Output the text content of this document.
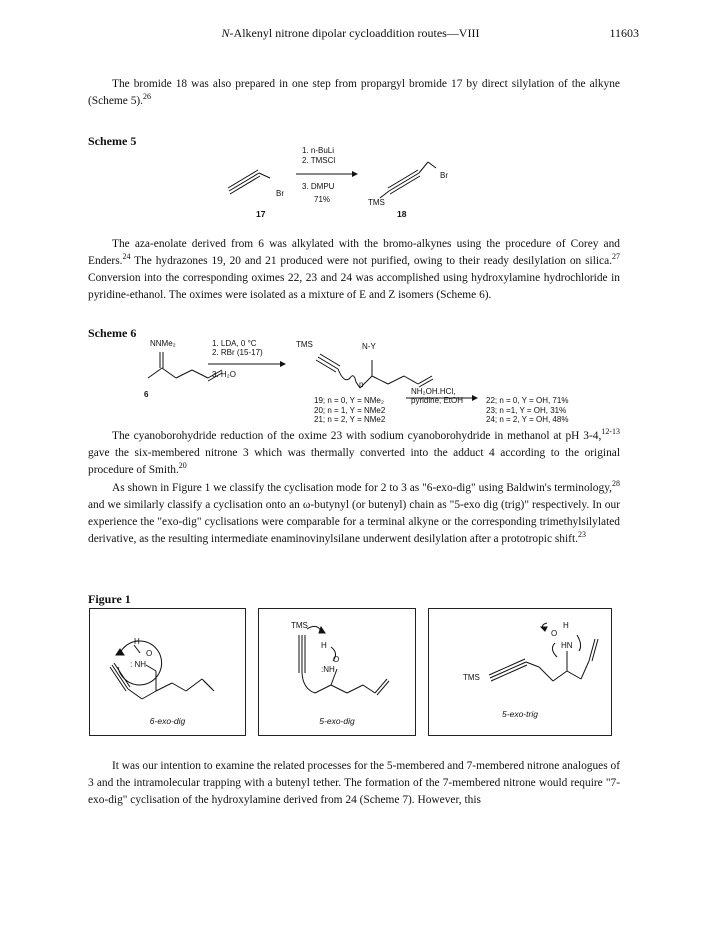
N-Alkenyl nitrone dipolar cycloaddition routes—VIII	11603
The bromide 18 was also prepared in one step from propargyl bromide 17 by direct silylation of the alkyne (Scheme 5).$^{26}$
Scheme 5
Br
Br
TMS
1. n-BuLi
2. TMSCl
3. DMPU
71%
17	18
The aza-enolate derived from 6 was alkylated with the bromo-alkynes using the procedure of Corey and Enders.$^{24}$ The hydrazones 19, 20 and 21 produced were not purified, owing to their ready desilylation on silica.$^{27}$ Conversion into the corresponding oximes 22, 23 and 24 was accomplished using hydroxylamine hydrochloride in pyridine-ethanol. The oximes were isolated as a mixture of E and Z isomers (Scheme 6).
Scheme 6
NNMe₂
6
1. LDA, 0 °C
2. RBr (15-17)
3. H₂O
TMS	N-Y
n
19; n = 0, Y = NMe₂
20; n = 1, Y = NMe2
21; n = 2, Y = NMe2
NH₂OH.HCl,
pyridine, EtOH	22; n = 0, Y = OH, 71%
23; n =1, Y = OH, 31%
24; n = 2, Y = OH, 48%
The cyanoborohydride reduction of the oxime 23 with sodium cyanoborohydride in methanol at pH 3-4,$^{12-13}$ gave the six-membered nitrone 3 which was thermally converted into the adduct 4 according to the original procedure of Smith.$^{20}$
As shown in Figure 1 we classify the cyclisation mode for 2 to 3 as "6-exo-dig" using Baldwin's terminology,$^{28}$ and we similarly classify a cyclisation onto an ω-butynyl (or butenyl) chain as "5-exo dig (trig)" respectively. In our experience the "exo-dig" cyclisations were comparable for a terminal alkyne or the corresponding trimethylsilylated derivative, as the resulting intermediate enaminovinylsilane underwent desilylation after a prototropic shift.$^{23}$
Figure 1
H
O
: NH
6-exo-dig
TMS
H
O
:NH
5-exo-dig
H
O
HN
TMS
5-exo-trig
It was our intention to examine the related processes for the 5-membered and 7-membered nitrone analogues of 3 and the intramolecular trapping with a butenyl tether. The formation of the 7-membered nitrone would require "7-exo-dig" cyclisation of the hydroxylamine derived from 24 (Scheme 7). However, this
